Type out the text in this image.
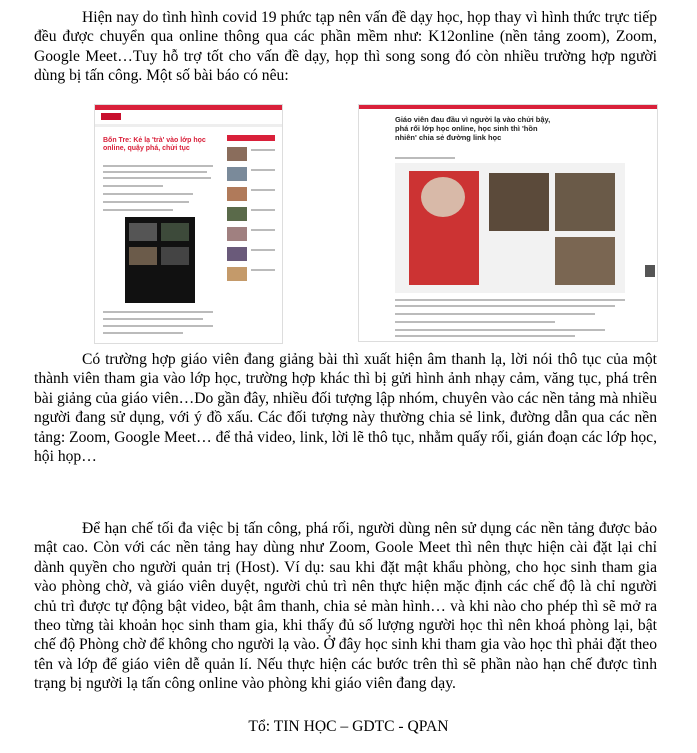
Hiện nay do tình hình covid 19 phức tạp nên vấn đề dạy học, họp thay vì hình thức trực tiếp đều được chuyển qua online thông qua các phần mềm như: K12online (nền tảng zoom), Zoom, Google Meet…Tuy hỗ trợ tốt cho vấn đề dạy, họp thì song song đó còn nhiều trường hợp người dùng bị tấn công. Một số bài báo có nêu:

Bốn Tre: Kẻ lạ 'trà' vào lớp học online, quậy phá, chửi tục
Giáo viên đau đầu vì người lạ vào chửi bậy, phá rối lớp học online, học sinh thì 'hồn nhiên' chia sẻ đường link học

Có trường hợp giáo viên đang giảng bài thì xuất hiện âm thanh lạ, lời nói thô tục của một thành viên tham gia vào lớp học, trường hợp khác thì bị gửi hình ảnh nhạy cảm, văng tục, phá trên bài giảng của giáo viên…Do gần đây, nhiều đối tượng lập nhóm, chuyên vào các nền tảng mà nhiều người đang sử dụng, với ý đồ xấu. Các đối tượng này thường chia sẻ link, đường dẫn qua các nền tảng: Zoom, Google Meet… để thả video, link, lời lẽ thô tục, nhằm quấy rối, gián đoạn các lớp học, hội họp…

Để hạn chế tối đa việc bị tấn công, phá rối, người dùng nên sử dụng các nền tảng được bảo mật cao. Còn với các nền tảng hay dùng như Zoom, Goole Meet thì nên thực hiện cài đặt lại chỉ dành quyền cho người quản trị (Host). Ví dụ: sau khi đặt mật khẩu phòng, cho học sinh tham gia vào phòng chờ, và giáo viên duyệt, người chủ trì nên thực hiện mặc định các chế độ là chỉ người chủ trì được tự động bật video, bật âm thanh, chia sẻ màn hình… và khi nào cho phép thì sẽ mở ra theo từng tài khoản học sinh tham gia, khi thấy đủ số lượng người học thì nên khoá phòng lại, bật chế độ Phòng chờ để không cho người lạ vào. Ở đây học sinh khi tham gia vào học thì phải đặt theo tên và lớp để giáo viên dễ quản lí. Nếu thực hiện các bước trên thì sẽ phần nào hạn chế được tình trạng bị người lạ tấn công online vào phòng khi giáo viên đang dạy.

Tổ: TIN HỌC – GDTC - QPAN
